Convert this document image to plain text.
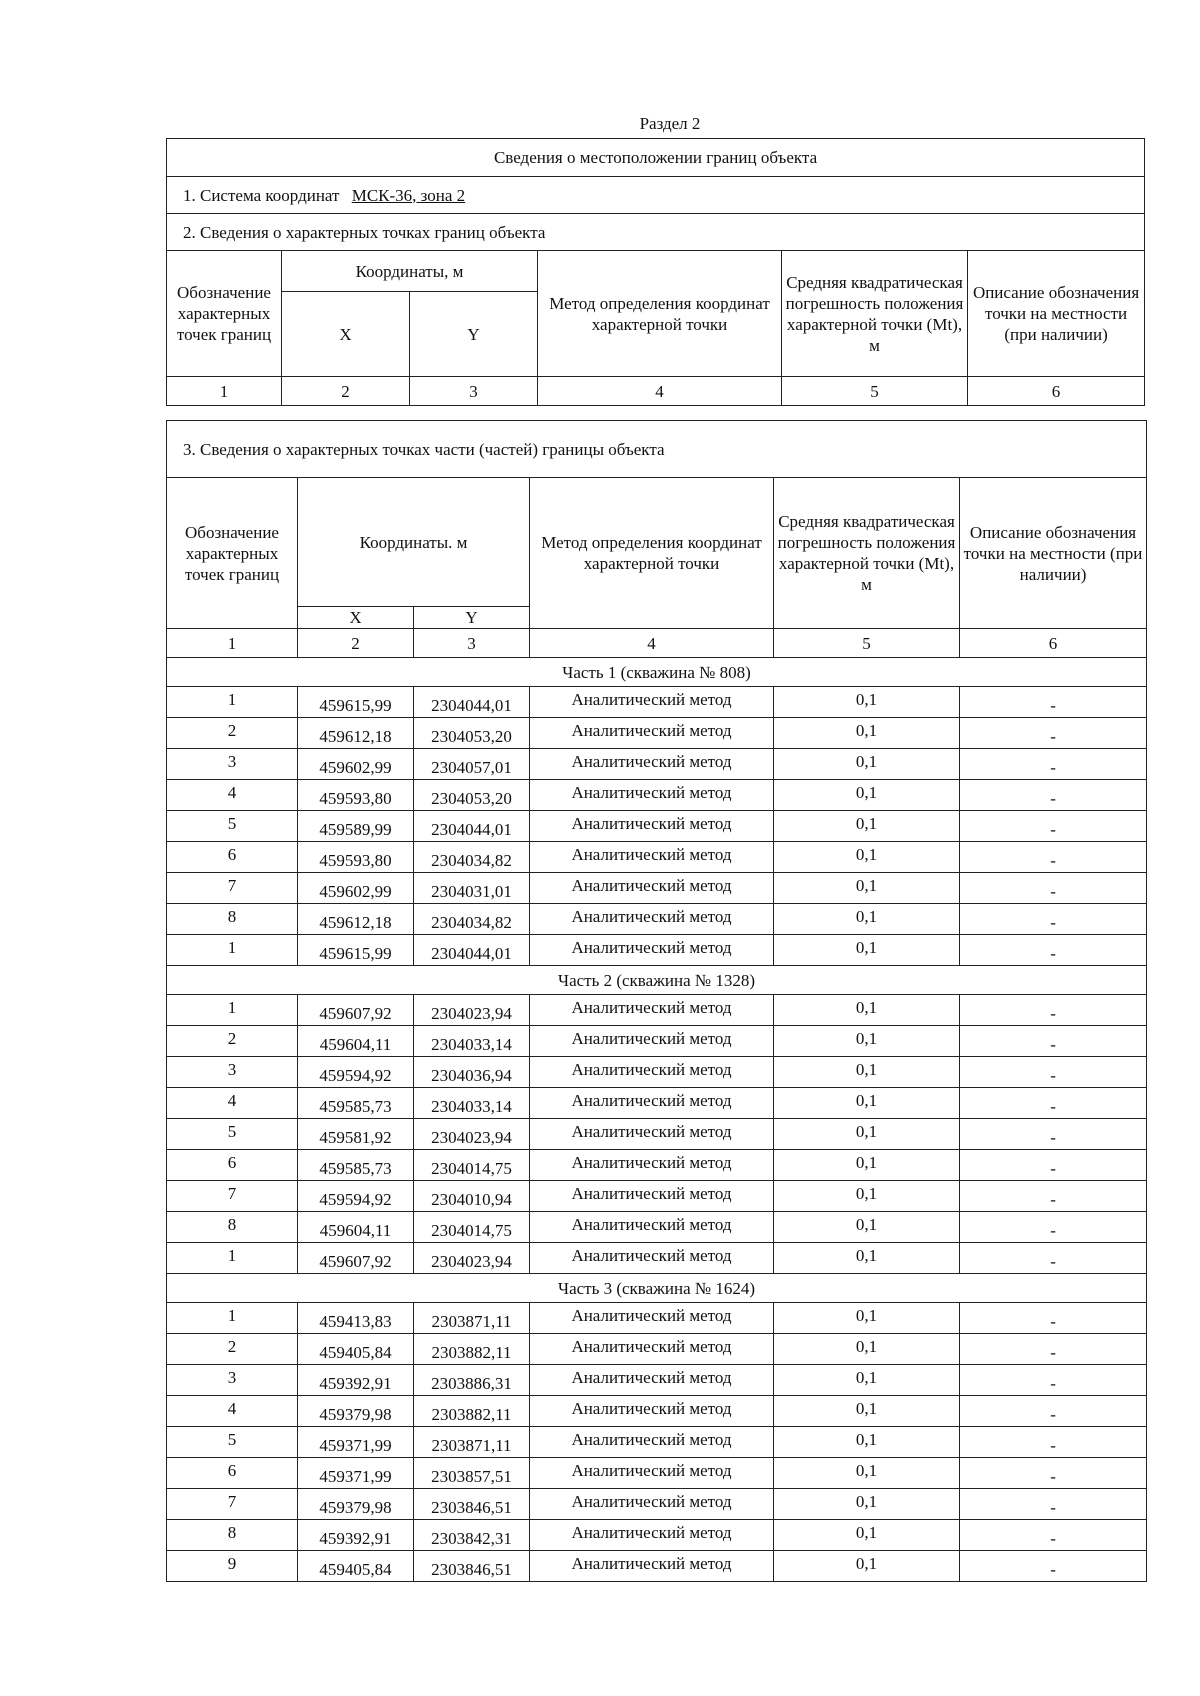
Раздел 2
Сведения о местоположении границ объекта					
1. Система координат МСК-36, зона 2					
2. Сведения о характерных точках границ объекта					
Обозначение характерных точек границ	Координаты, м		Метод определения координат характерной точки	Средняя квадратическая погрешность положения характерной точки (Mt), м	Описание обозначения точки на местности (при наличии)
	X	Y			
1	2	3	4	5	6
3. Сведения о характерных точках части (частей) границы объекта					
Обозначение характерных точек границ	Координаты. м		Метод определения координат характерной точки	Средняя квадратическая погрешность положения характерной точки (Mt), м	Описание обозначения точки на местности (при наличии)
	X	Y			
1	2	3	4	5	6
Часть 1 (скважина № 808)					
1	459615,99	2304044,01	Аналитический метод	0,1	-
2	459612,18	2304053,20	Аналитический метод	0,1	-
3	459602,99	2304057,01	Аналитический метод	0,1	-
4	459593,80	2304053,20	Аналитический метод	0,1	-
5	459589,99	2304044,01	Аналитический метод	0,1	-
6	459593,80	2304034,82	Аналитический метод	0,1	-
7	459602,99	2304031,01	Аналитический метод	0,1	-
8	459612,18	2304034,82	Аналитический метод	0,1	-
1	459615,99	2304044,01	Аналитический метод	0,1	-
Часть 2 (скважина № 1328)					
1	459607,92	2304023,94	Аналитический метод	0,1	-
2	459604,11	2304033,14	Аналитический метод	0,1	-
3	459594,92	2304036,94	Аналитический метод	0,1	-
4	459585,73	2304033,14	Аналитический метод	0,1	-
5	459581,92	2304023,94	Аналитический метод	0,1	-
6	459585,73	2304014,75	Аналитический метод	0,1	-
7	459594,92	2304010,94	Аналитический метод	0,1	-
8	459604,11	2304014,75	Аналитический метод	0,1	-
1	459607,92	2304023,94	Аналитический метод	0,1	-
Часть 3 (скважина № 1624)					
1	459413,83	2303871,11	Аналитический метод	0,1	-
2	459405,84	2303882,11	Аналитический метод	0,1	-
3	459392,91	2303886,31	Аналитический метод	0,1	-
4	459379,98	2303882,11	Аналитический метод	0,1	-
5	459371,99	2303871,11	Аналитический метод	0,1	-
6	459371,99	2303857,51	Аналитический метод	0,1	-
7	459379,98	2303846,51	Аналитический метод	0,1	-
8	459392,91	2303842,31	Аналитический метод	0,1	-
9	459405,84	2303846,51	Аналитический метод	0,1	-
